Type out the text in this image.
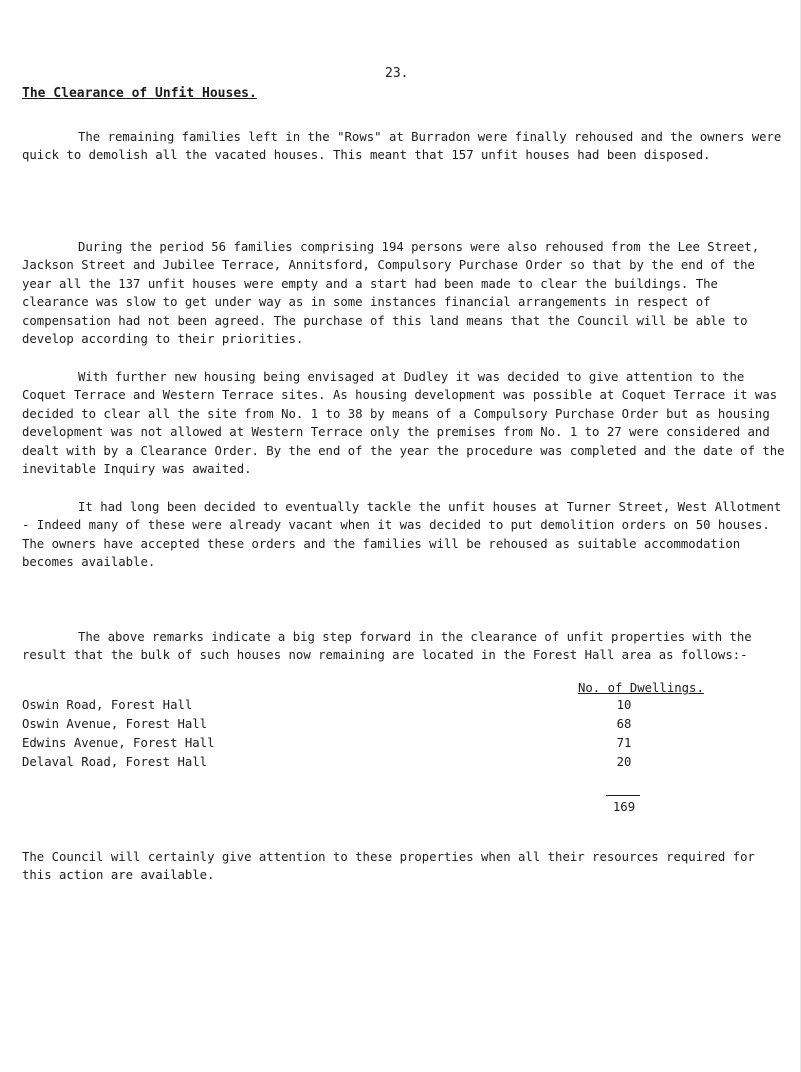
23.

The Clearance of Unfit Houses.

The remaining families left in the "Rows" at Burradon were finally rehoused and the owners were quick to demolish all the vacated houses. This meant that 157 unfit houses had been disposed.

During the period 56 families comprising 194 persons were also rehoused from the Lee Street, Jackson Street and Jubilee Terrace, Annitsford, Compulsory Purchase Order so that by the end of the year all the 137 unfit houses were empty and a start had been made to clear the buildings. The clearance was slow to get under way as in some instances financial arrangements in respect of compensation had not been agreed. The purchase of this land means that the Council will be able to develop according to their priorities.

With further new housing being envisaged at Dudley it was decided to give attention to the Coquet Terrace and Western Terrace sites. As housing development was possible at Coquet Terrace it was decided to clear all the site from No. 1 to 38 by means of a Compulsory Purchase Order but as housing development was not allowed at Western Terrace only the premises from No. 1 to 27 were considered and dealt with by a Clearance Order. By the end of the year the procedure was completed and the date of the inevitable Inquiry was awaited.

It had long been decided to eventually tackle the unfit houses at Turner Street, West Allotment - Indeed many of these were already vacant when it was decided to put demolition orders on 50 houses. The owners have accepted these orders and the families will be rehoused as suitable accommodation becomes available.

The above remarks indicate a big step forward in the clearance of unfit properties with the result that the bulk of such houses now remaining are located in the Forest Hall area as follows:-

No. of Dwellings.

Oswin Road, Forest Hall	10
Oswin Avenue, Forest Hall	68
Edwins Avenue, Forest Hall	71
Delaval Road, Forest Hall	20
169

The Council will certainly give attention to these properties when all their resources required for this action are available.
